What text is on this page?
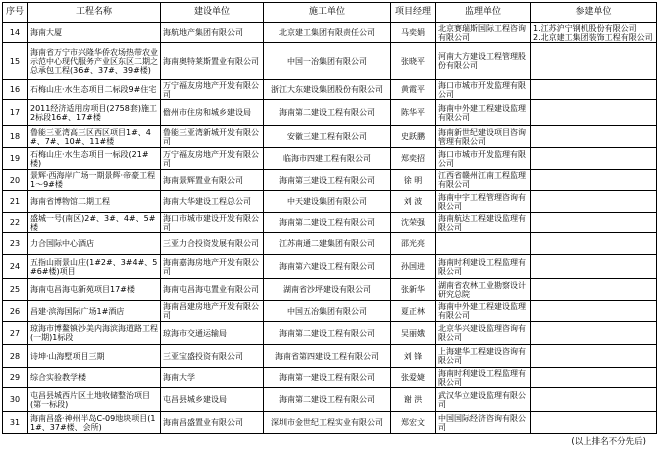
序号	工程名称	建设单位	施工单位	项目经理	监理单位	参建单位

14	海南大厦	海航地产集团有限公司	北京建工集团有限责任公司	马奕娟	北京赛瑞斯国际工程咨询有限公司	1.江苏沪宁钢机股份有限公司
2.北京建工集团装饰工程有限公司

15	海南省万宁市兴隆华侨农场热带农业示范中心现代服务产业区东区二期之总承包工程(36#、37#、39#楼)	海南奥特莱斯置业有限公司	中国一冶集团有限公司	张晓平	河南大方建设工程管理股份有限公司	

16	石梅山庄·水生态项目二标段9#住宅	万宁福友房地产开发有限公司	浙江大东建设集团股份有限公司	黄霞平	海口市城市开发监理有限公司	

17	2011经济适用房项目(2758套)施工2标段16#、17#楼	儋州市住房和城乡建设局	海南第二建设工程有限公司	陈华平	海南中外建工程建设监理有限公司	

18	鲁能三亚湾高三区西区项目1#、4#、7#、10#、11#楼	鲁能三亚湾新城开发有限公司	安徽三建工程有限公司	史跃鹏	海南新世纪建设项目咨询管理有限公司	

19	石梅山庄·水生态项目一标段(21#楼)	万宁福友房地产开发有限公司	临海市四建工程有限公司	郑奕招	海口市城市开发监理有限公司	

20	景辉·西海岸广场一期景辉·帝豪工程1～9#楼	海南景辉置业有限公司	海南第三建设工程有限公司	徐 明	江西省赣州江南工程监理有限公司	

21	海南省博物馆二期工程	海南大华建设工程总公司	中天建设集团有限公司	刘 波	海南中宇工程管理咨询有限公司	

22	盛城一号(南区)2#、3#、4#、5#楼	海口市城市建设开发有限公司	海南第二建设工程有限公司	沈荣强	海南航达工程建设监理有限公司	

23	力合国际中心酒店	三亚力合投资发展有限公司	江苏南通二建集团有限公司	邵光亮		

24	五指山雨景山庄(1#2#、3#4#、5#6#楼)项目	海南嘉海房地产开发有限公司	海南第六建设工程有限公司	孙国进	海南时利建设工程监理有限公司	

25	海南屯昌海屯新苑项目17#楼	海南屯昌海屯置业有限公司	湖南省沙坪建设有限公司	张新华	湖南省农林工业勘察设计研究总院	

26	昌建·滨海国际广场1#酒店	海南昌建房地产开发有限公司	中国五冶集团有限公司	夏正林	海南中外建工程建设监理有限公司	

27	琼海市博鳌镇沙美内海滨海道路工程(一期)1标段	琼海市交通运输局	海南第二建设工程有限公司	吴丽娥	北京华兴建设监理咨询有限公司	

28	诗坤·山海墅项目三期	三亚宝盛投资有限公司	海南省第四建设工程有限公司	刘 锋	上海建华工程建设咨询有限公司	

29	综合实验教学楼	海南大学	海南第一建设工程有限公司	张爱婕	海南时利建设工程监理有限公司	

30	屯昌县城西片区土地收储整治项目(第一标段)	屯昌县城乡建设局	海南第二建设工程有限公司	谢 洪	武汉华立建设监理有限公司	

31	海南昌盛·神州半岛C-09地块项目(11#、37#楼、会所)	海南昌盛置业有限公司	深圳市金世纪工程实业有限公司	郑宏文	中国国际经济咨询有限公司	

(以上排名不分先后)
